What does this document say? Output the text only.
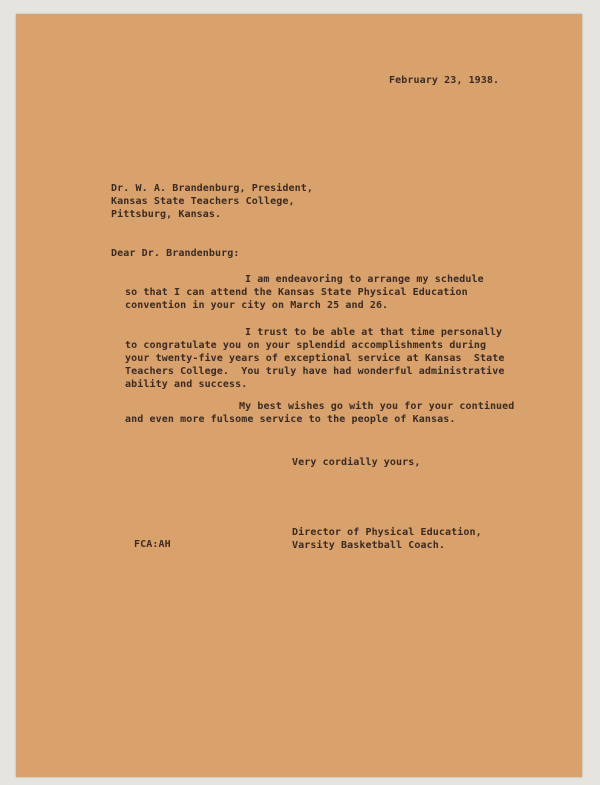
February 23, 1938.
Dr. W. A. Brandenburg, President,
Kansas State Teachers College,
Pittsburg, Kansas.
Dear Dr. Brandenburg:
I am endeavoring to arrange my schedule
so that I can attend the Kansas State Physical Education
convention in your city on March 25 and 26.
I trust to be able at that time personally
to congratulate you on your splendid accomplishments during
your twenty-five years of exceptional service at Kansas  State
Teachers College.  You truly have had wonderful administrative
ability and success.
My best wishes go with you for your continued
and even more fulsome service to the people of Kansas.
Very cordially yours,
Director of Physical Education,
FCA:AH	Varsity Basketball Coach.
